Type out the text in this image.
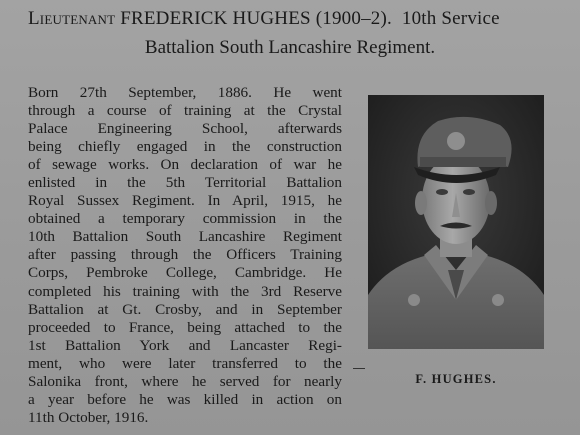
Lieutenant FREDERICK HUGHES (1900–2). 10th Service
Battalion South Lancashire Regiment.
Born 27th September, 1886. He went
through a course of training at the Crystal
Palace Engineering School, afterwards
being chiefly engaged in the construction
of sewage works. On declaration of war he
enlisted in the 5th Territorial Battalion
Royal Sussex Regiment. In April, 1915, he
obtained a temporary commission in the
10th Battalion South Lancashire Regiment
after passing through the Officers Training
Corps, Pembroke College, Cambridge. He
completed his training with the 3rd Reserve
Battalion at Gt. Crosby, and in September
proceeded to France, being attached to the
1st Battalion York and Lancaster Regi-
ment, who were later transferred to the
Salonika front, where he served for nearly
a year before he was killed in action on
11th October, 1916.
F. HUGHES.
